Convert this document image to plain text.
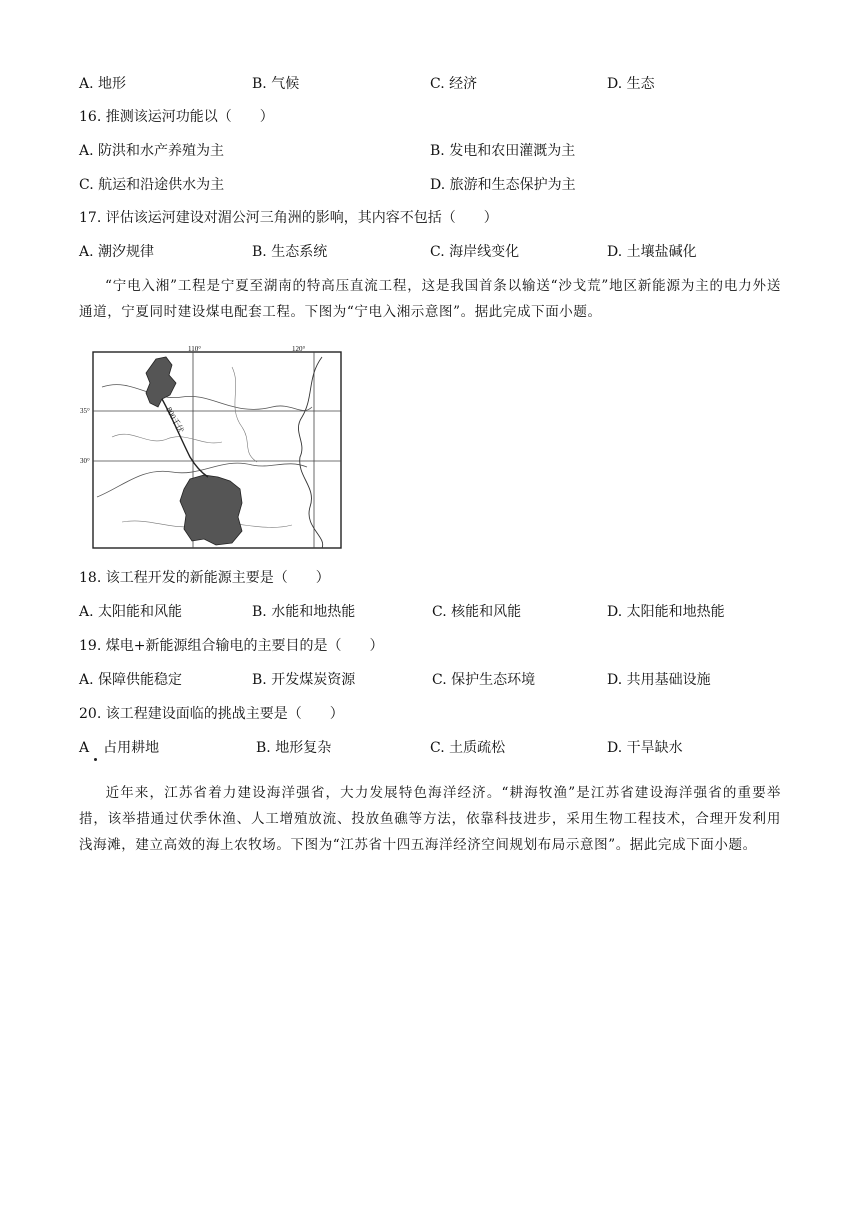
A. 地形	B. 气候	C. 经济	D. 生态
16. 推测该运河功能以（　　）
A. 防洪和水产养殖为主	B. 发电和农田灌溉为主
C. 航运和沿途供水为主	D. 旅游和生态保护为主
17. 评估该运河建设对湄公河三角洲的影响，其内容不包括（　　）
A. 潮汐规律	B. 生态系统	C. 海岸线变化	D. 土壤盐碱化
“宁电入湘”工程是宁夏至湖南的特高压直流工程，这是我国首条以输送“沙戈荒”地区新能源为主的电力外送通道，宁夏同时建设煤电配套工程。下图为“宁电入湘示意图”。据此完成下面小题。
110°	120°
35°
30°
800千伏
18. 该工程开发的新能源主要是（　　）
A. 太阳能和风能	B. 水能和地热能	C. 核能和风能	D. 太阳能和地热能
19. 煤电+新能源组合输电的主要目的是（　　）
A. 保障供能稳定	B. 开发煤炭资源	C. 保护生态环境	D. 共用基础设施
20. 该工程建设面临的挑战主要是（　　）
A　占用耕地	B. 地形复杂	C. 土质疏松	D. 干旱缺水
近年来，江苏省着力建设海洋强省，大力发展特色海洋经济。“耕海牧渔”是江苏省建设海洋强省的重要举措，该举措通过伏季休渔、人工增殖放流、投放鱼礁等方法，依靠科技进步，采用生物工程技术，合理开发利用浅海滩，建立高效的海上农牧场。下图为“江苏省十四五海洋经济空间规划布局示意图”。据此完成下面小题。
